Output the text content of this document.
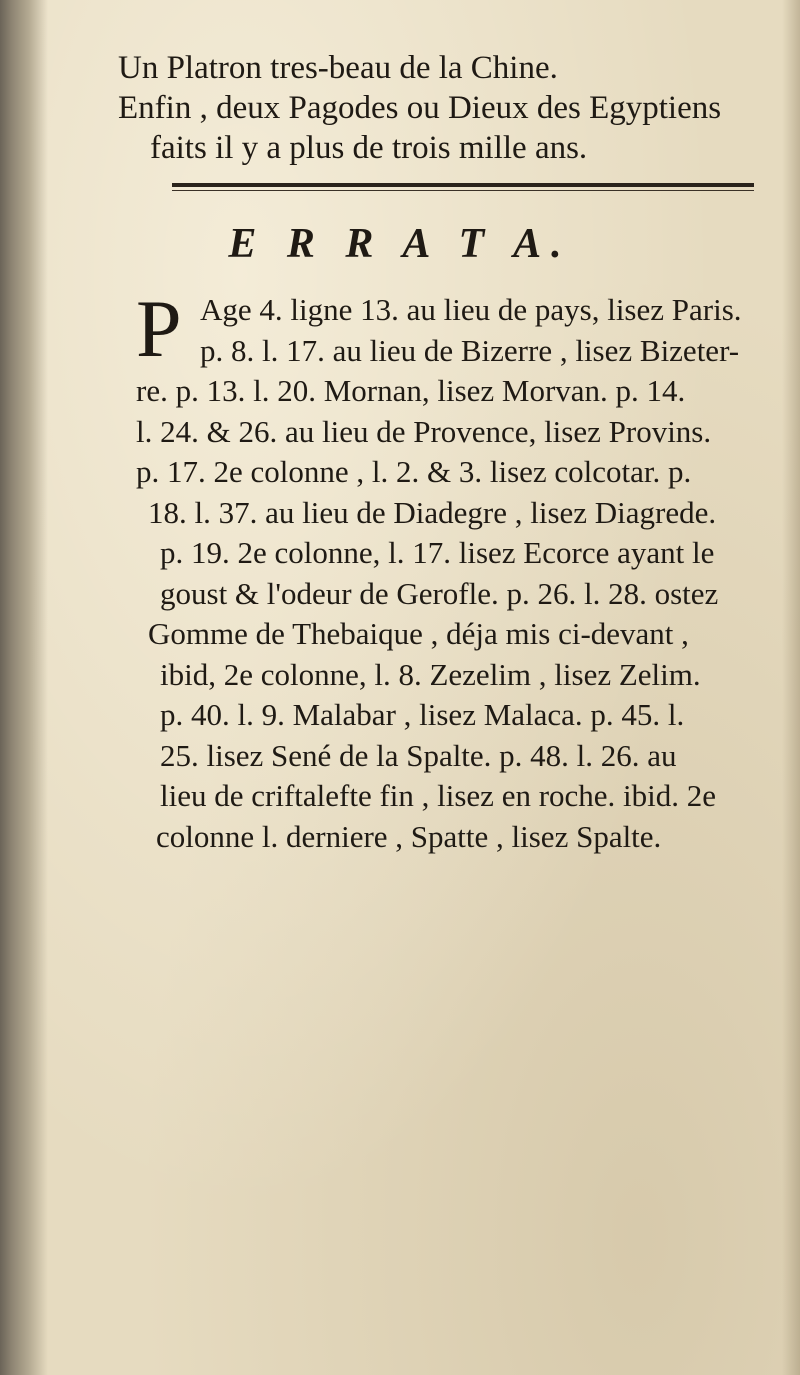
Un Platron tres-beau de la Chine.

Enfin , deux Pagodes ou Dieux des Egyptiens

faits il y a plus de trois mille ans.

E R R A T A.
P Age 4. ligne 13. au lieu de pays, lisez Paris.

p. 8. l. 17. au lieu de Bizerre , lisez Bizeter-

re. p. 13. l. 20. Mornan, lisez Morvan. p. 14.

l. 24. & 26. au lieu de Provence, lisez Provins.

p. 17. 2e colonne , l. 2. & 3. lisez colcotar. p.

18. l. 37. au lieu de Diadegre , lisez Diagrede.

p. 19. 2e colonne, l. 17. lisez Ecorce ayant le

goust & l'odeur de Gerofle. p. 26. l. 28. ostez

Gomme de Thebaique , déja mis ci-devant ,

ibid, 2e colonne, l. 8. Zezelim , lisez Zelim.

p. 40. l. 9. Malabar , lisez Malaca. p. 45. l.

25. lisez Sené de la Spalte. p. 48. l. 26. au

lieu de criftalefte fin , lisez en roche. ibid. 2e

colonne l. derniere , Spatte , lisez Spalte.
